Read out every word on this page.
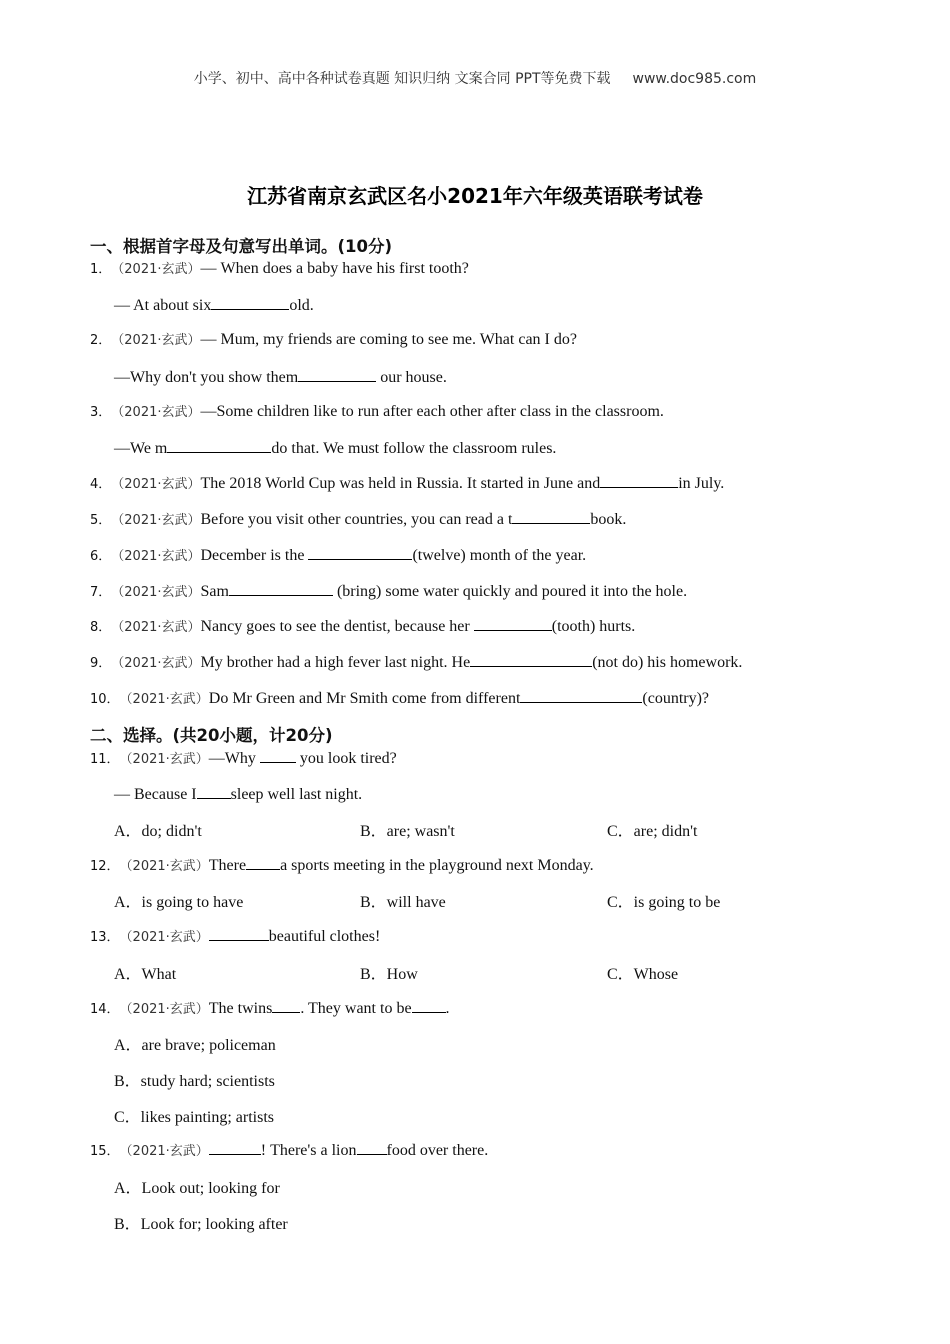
小学、初中、高中各种试卷真题 知识归纳 文案合同 PPT等免费下载 www.doc985.com
江苏省南京玄武区名小2021年六年级英语联考试卷
一、根据首字母及句意写出单词。(10分)
1．（2021·玄武）— When does a baby have his first tooth?
— At about six	old.
2．（2021·玄武）— Mum, my friends are coming to see me. What can I do?
—Why don't you show them	our house.
3．（2021·玄武）—Some children like to run after each other after class in the classroom.
—We m	do that. We must follow the classroom rules.
4．（2021·玄武）The 2018 World Cup was held in Russia. It started in June and	in July.
5．（2021·玄武）Before you visit other countries, you can read a t	book.
6．（2021·玄武）December is the	(twelve) month of the year.
7．（2021·玄武）Sam	(bring) some water quickly and poured it into the hole.
8．（2021·玄武）Nancy goes to see the dentist, because her	(tooth) hurts.
9．（2021·玄武）My brother had a high fever last night. He	(not do) his homework.
10．（2021·玄武）Do Mr Green and Mr Smith come from different	(country)?
二、选择。(共20小题，计20分)
11．（2021·玄武）—Why  you look tired?
— Because I sleep well last night.
A．do; didn't	B．are; wasn't	C．are; didn't
12．（2021·玄武）There a sports meeting in the playground next Monday.
A．is going to have	B．will have	C．is going to be
13．（2021·玄武）	beautiful clothes!
A．What	B．How	C．Whose
14．（2021·玄武）The twins . They want to be .
A．are brave; policeman
B．study hard; scientists
C．likes painting; artists
15．（2021·玄武）	! There's a lion food over there.
A．Look out; looking for
B．Look for; looking after
